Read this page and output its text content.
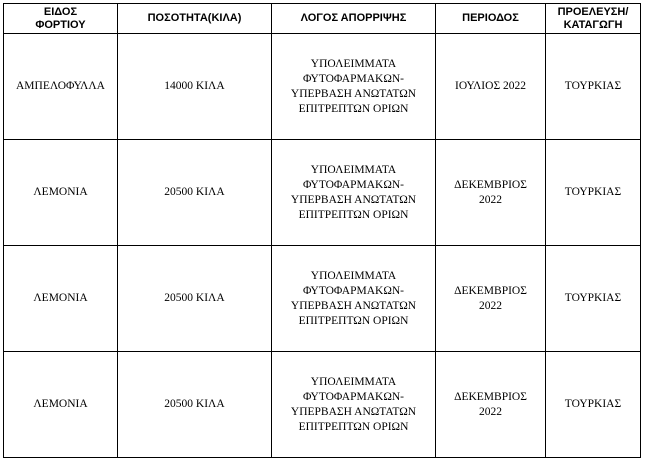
ΕΙΔΟΣ
ΦΟΡΤΙΟΥ	ΠΟΣΟΤΗΤΑ(ΚΙΛΑ)	ΛΟΓΟΣ ΑΠΟΡΡΙΨΗΣ	ΠΕΡΙΟΔΟΣ	ΠΡΟΕΛΕΥΣΗ/
ΚΑΤΑΓΩΓΗ

ΑΜΠΕΛΟΦΥΛΛΑ	14000 ΚΙΛΑ	ΥΠΟΛΕΙΜΜΑΤΑ
ΦΥΤΟΦΑΡΜΑΚΩΝ-
ΥΠΕΡΒΑΣΗ ΑΝΩΤΑΤΩΝ
ΕΠΙΤΡΕΠΤΩΝ ΟΡΙΩΝ	ΙΟΥΛΙΟΣ 2022	ΤΟΥΡΚΙΑΣ
ΛΕΜΟΝΙΑ	20500 ΚΙΛΑ	ΥΠΟΛΕΙΜΜΑΤΑ
ΦΥΤΟΦΑΡΜΑΚΩΝ-
ΥΠΕΡΒΑΣΗ ΑΝΩΤΑΤΩΝ
ΕΠΙΤΡΕΠΤΩΝ ΟΡΙΩΝ	ΔΕΚΕΜΒΡΙΟΣ
2022	ΤΟΥΡΚΙΑΣ
ΛΕΜΟΝΙΑ	20500 ΚΙΛΑ	ΥΠΟΛΕΙΜΜΑΤΑ
ΦΥΤΟΦΑΡΜΑΚΩΝ-
ΥΠΕΡΒΑΣΗ ΑΝΩΤΑΤΩΝ
ΕΠΙΤΡΕΠΤΩΝ ΟΡΙΩΝ	ΔΕΚΕΜΒΡΙΟΣ
2022	ΤΟΥΡΚΙΑΣ
ΛΕΜΟΝΙΑ	20500 ΚΙΛΑ	ΥΠΟΛΕΙΜΜΑΤΑ
ΦΥΤΟΦΑΡΜΑΚΩΝ-
ΥΠΕΡΒΑΣΗ ΑΝΩΤΑΤΩΝ
ΕΠΙΤΡΕΠΤΩΝ ΟΡΙΩΝ	ΔΕΚΕΜΒΡΙΟΣ
2022	ΤΟΥΡΚΙΑΣ
